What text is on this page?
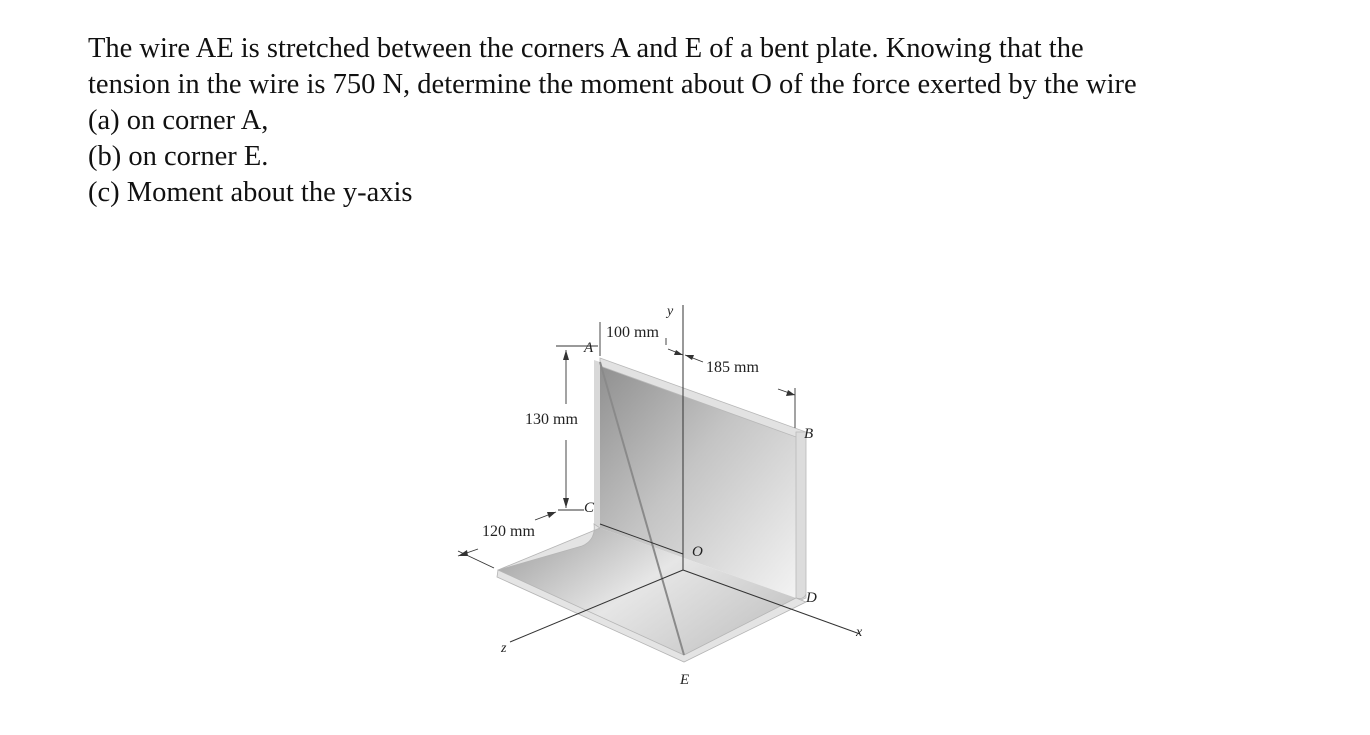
The wire AE is stretched between the corners A and E of a bent plate. Knowing that the
tension in the wire is 750 N, determine the moment about O of the force exerted by the wire
(a) on corner A,
(b) on corner E.
(c) Moment about the y-axis
100 mm
185 mm
130 mm
120 mm
A
B
C
D
E
O
y
x
z
